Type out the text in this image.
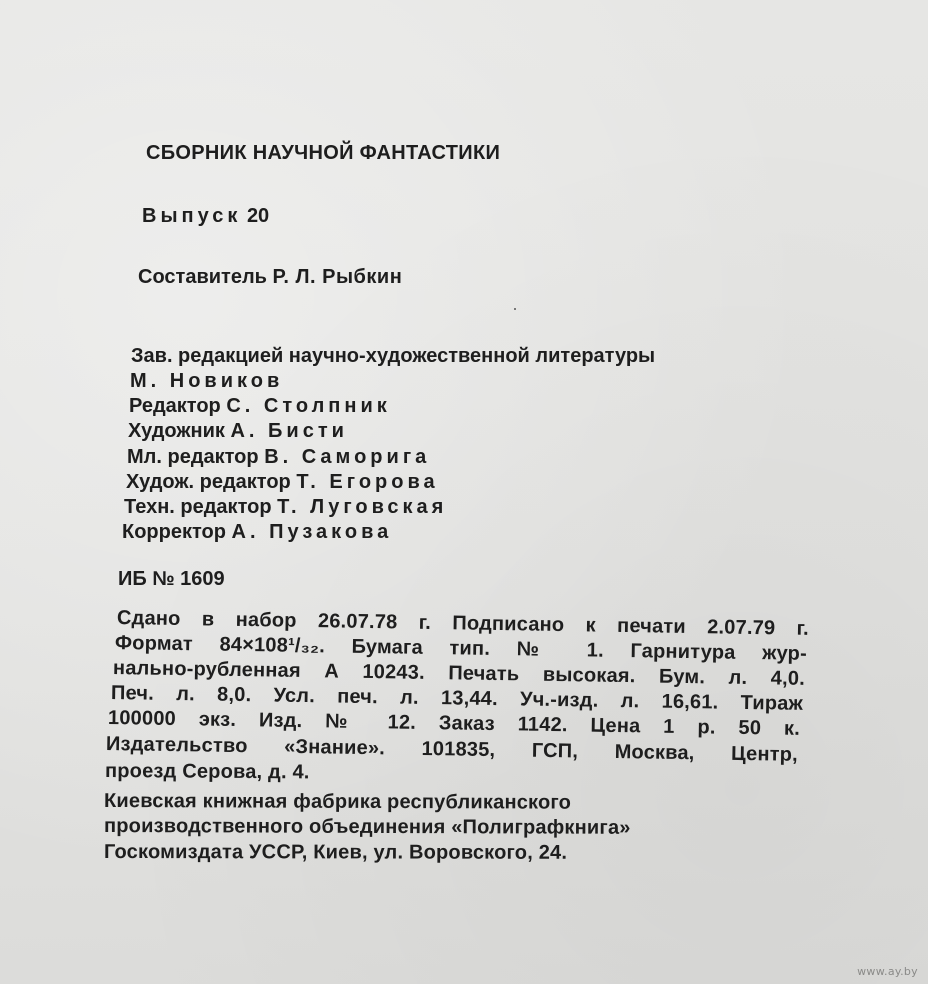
СБОРНИК НАУЧНОЙ ФАНТАСТИКИ
Выпуск 20
Составитель Р. Л. Рыбкин
Зав. редакцией научно-художественной литературы
М. Новиков
Редактор С. Столпник
Художник А. Бисти
Мл. редактор В. Саморига
Худож. редактор Т. Егорова
Техн. редактор Т. Луговская
Корректор А. Пузакова
ИБ № 1609
Сдано в набор 26.07.78 г. Подписано к печати 2.07.79 г.
Формат 84×108¹/₃₂. Бумага тип. № 1. Гарнитура жур-
нально-рубленная А 10243. Печать высокая. Бум. л. 4,0.
Печ. л. 8,0. Усл. печ. л. 13,44. Уч.-изд. л. 16,61. Тираж
100000 экз. Изд. № 12. Заказ 1142. Цена 1 р. 50 к.
Издательство «Знание». 101835, ГСП, Москва, Центр,
проезд Серова, д. 4.
Киевская книжная фабрика республиканского
производственного объединения «Полиграфкнига»
Госкомиздата УССР, Киев, ул. Воровского, 24.
www.ay.by
